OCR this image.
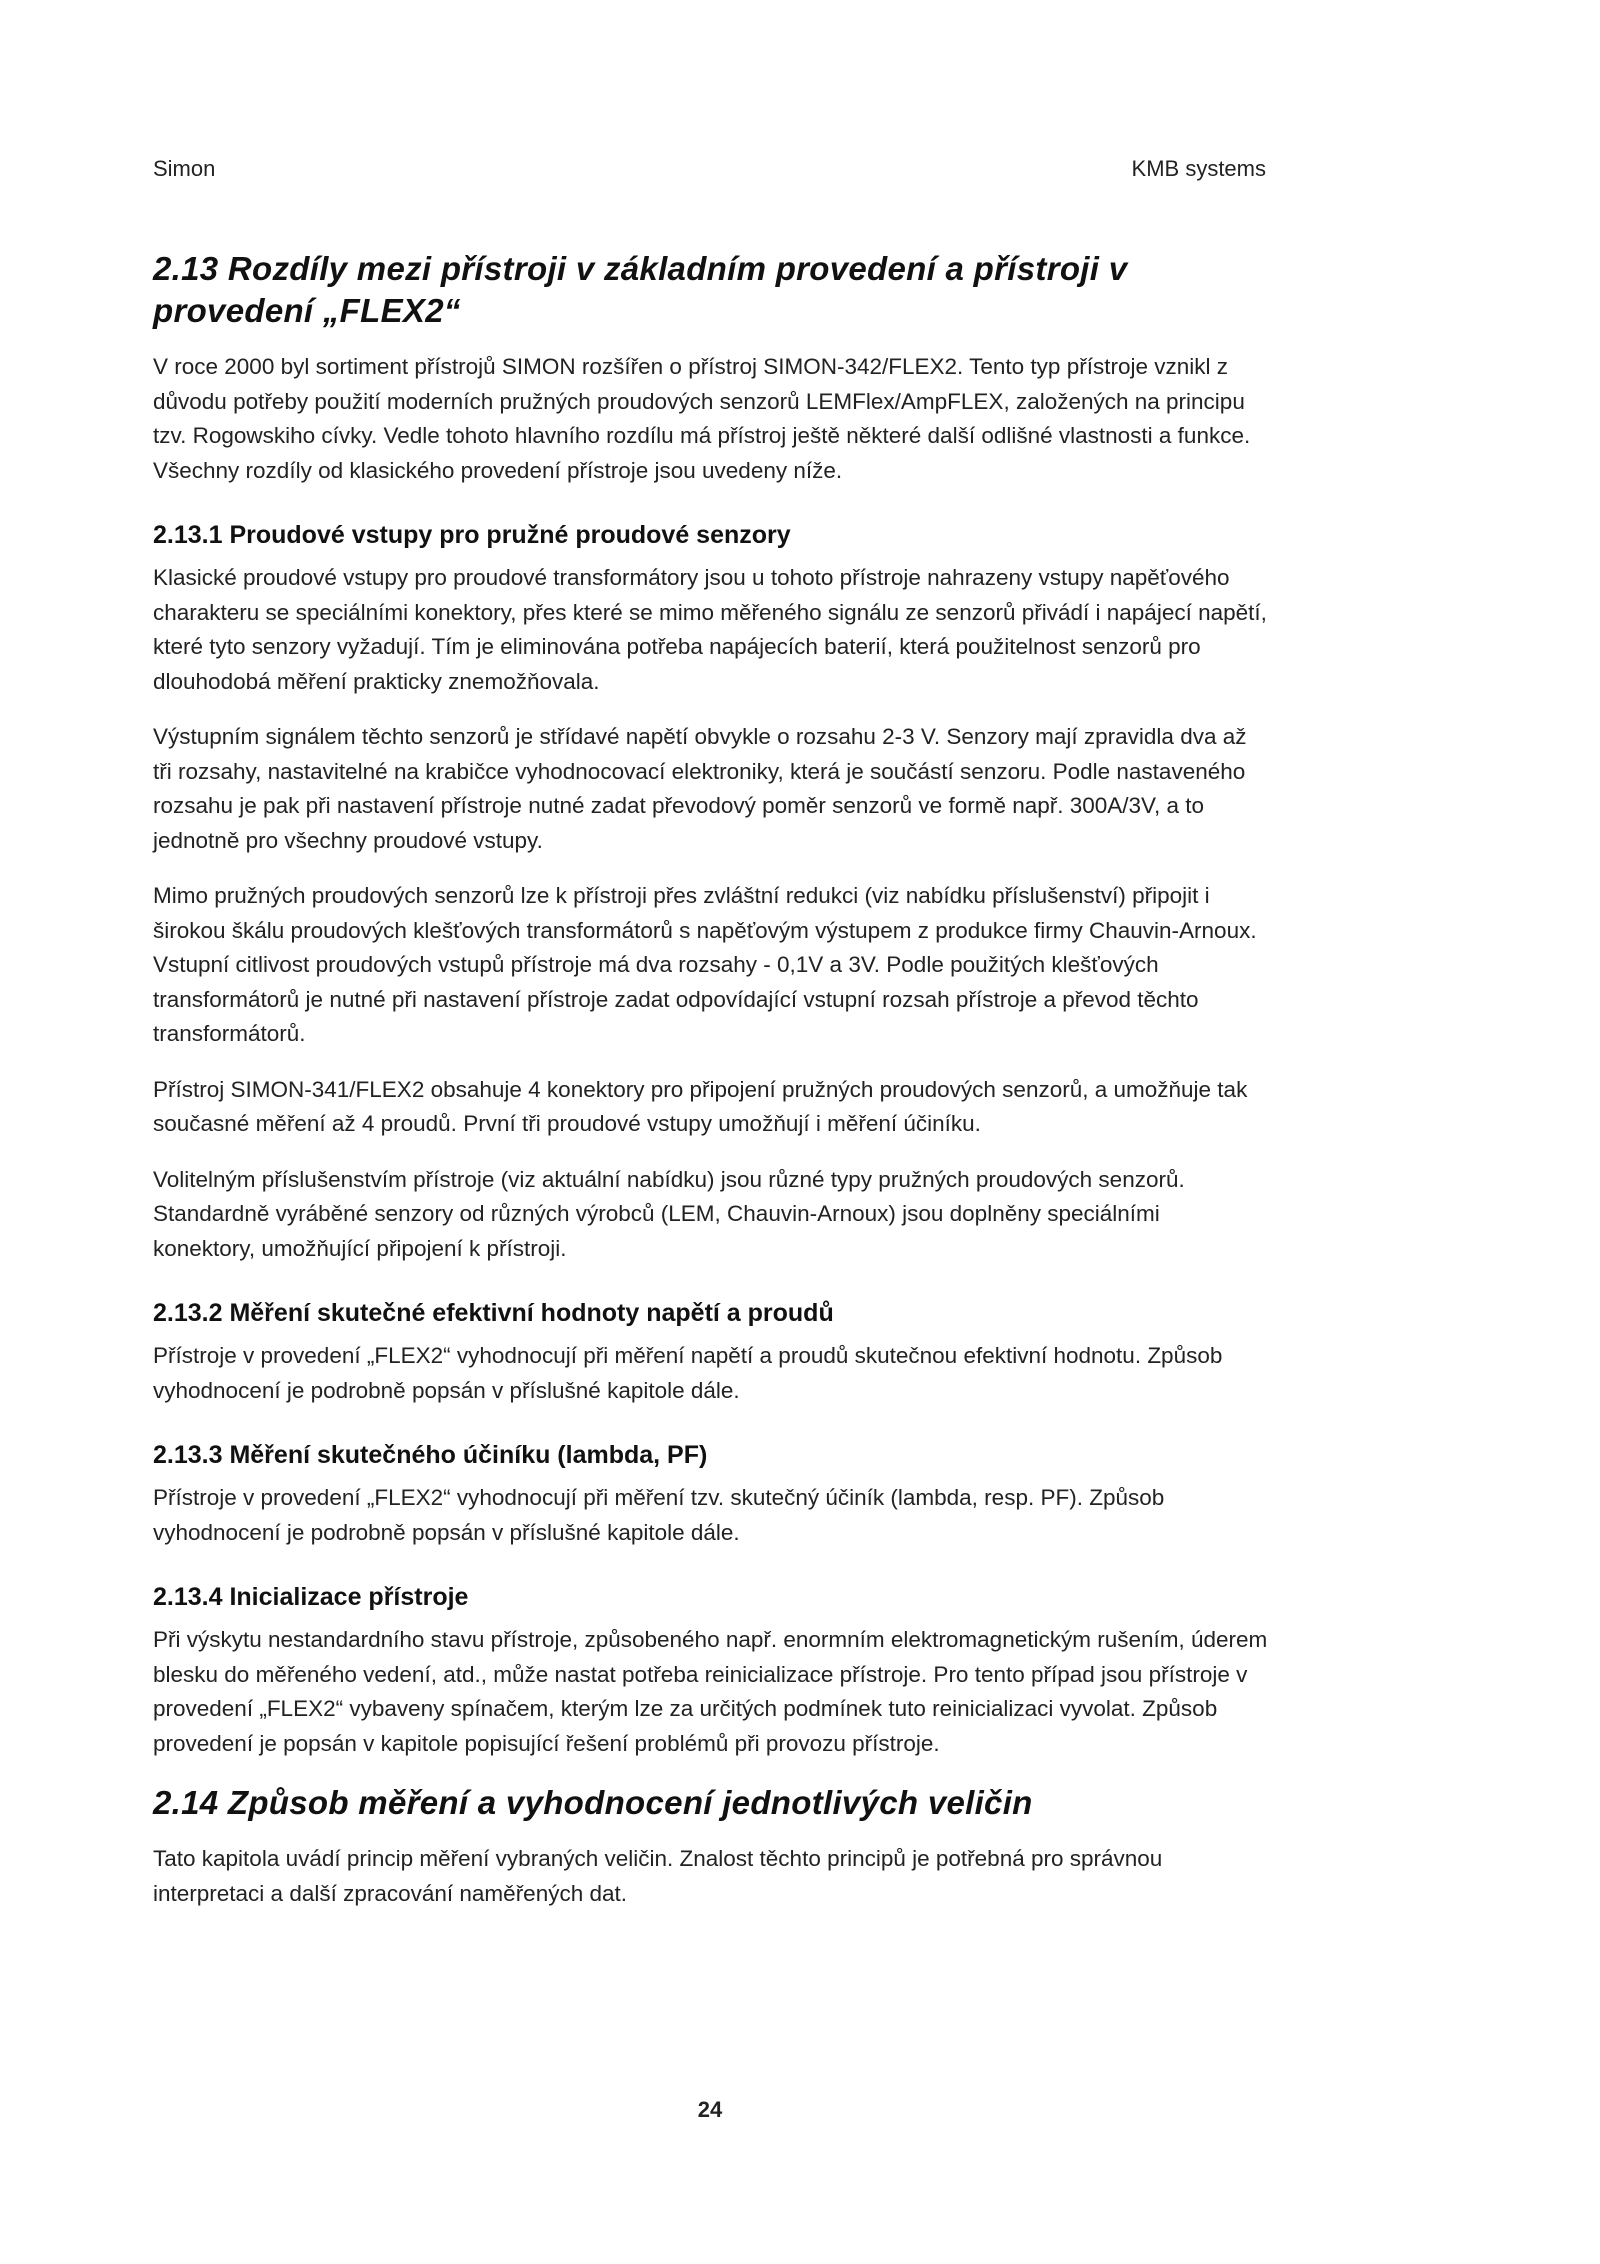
Simon	KMB systems
2.13 Rozdíly mezi přístroji v základním provedení a přístroji v provedení „FLEX2“

V roce 2000 byl sortiment přístrojů SIMON rozšířen o přístroj SIMON-342/FLEX2. Tento typ přístroje vznikl z důvodu potřeby použití moderních pružných proudových senzorů LEMFlex/AmpFLEX, založených na principu tzv. Rogowskiho cívky. Vedle tohoto hlavního rozdílu má přístroj ještě některé další odlišné vlastnosti a funkce. Všechny rozdíly od klasického provedení přístroje jsou uvedeny níže.

2.13.1 Proudové vstupy pro pružné proudové senzory

Klasické proudové vstupy pro proudové transformátory jsou u tohoto přístroje nahrazeny vstupy napěťového charakteru se speciálními konektory, přes které se mimo měřeného signálu ze senzorů přivádí i napájecí napětí, které tyto senzory vyžadují. Tím je eliminována potřeba napájecích baterií, která použitelnost senzorů pro dlouhodobá měření prakticky znemožňovala.

Výstupním signálem těchto senzorů je střídavé napětí obvykle o rozsahu 2-3 V. Senzory mají zpravidla dva až tři rozsahy, nastavitelné na krabičce vyhodnocovací elektroniky, která je součástí senzoru. Podle nastaveného rozsahu je pak při nastavení přístroje nutné zadat převodový poměr senzorů ve formě např. 300A/3V, a to jednotně pro všechny proudové vstupy.

Mimo pružných proudových senzorů lze k přístroji přes zvláštní redukci (viz nabídku příslušenství) připojit i širokou škálu proudových klešťových transformátorů s napěťovým výstupem z produkce firmy Chauvin-Arnoux. Vstupní citlivost proudových vstupů přístroje má dva rozsahy - 0,1V a 3V. Podle použitých klešťových transformátorů je nutné při nastavení přístroje zadat odpovídající vstupní rozsah přístroje a převod těchto transformátorů.

Přístroj SIMON-341/FLEX2 obsahuje 4 konektory pro připojení pružných proudových senzorů, a umožňuje tak současné měření až 4 proudů. První tři proudové vstupy umožňují i měření účiníku.

Volitelným příslušenstvím přístroje (viz aktuální nabídku) jsou různé typy pružných proudových senzorů. Standardně vyráběné senzory od různých výrobců (LEM, Chauvin-Arnoux) jsou doplněny speciálními konektory, umožňující připojení k přístroji.

2.13.2 Měření skutečné efektivní hodnoty napětí a proudů

Přístroje v provedení „FLEX2“ vyhodnocují při měření napětí a proudů skutečnou efektivní hodnotu. Způsob vyhodnocení je podrobně popsán v příslušné kapitole dále.

2.13.3 Měření skutečného účiníku (lambda, PF)

Přístroje v provedení „FLEX2“ vyhodnocují při měření tzv. skutečný účiník (lambda, resp. PF). Způsob vyhodnocení je podrobně popsán v příslušné kapitole dále.

2.13.4 Inicializace přístroje

Při výskytu nestandardního stavu přístroje, způsobeného např. enormním elektromagnetickým rušením, úderem blesku do měřeného vedení, atd., může nastat potřeba reinicializace přístroje. Pro tento případ jsou přístroje v provedení „FLEX2“ vybaveny spínačem, kterým lze za určitých podmínek tuto reinicializaci vyvolat. Způsob provedení je popsán v kapitole popisující řešení problémů při provozu přístroje.

2.14 Způsob měření a vyhodnocení jednotlivých veličin

Tato kapitola uvádí princip měření vybraných veličin. Znalost těchto principů je potřebná pro správnou interpretaci a další zpracování naměřených dat.

24
